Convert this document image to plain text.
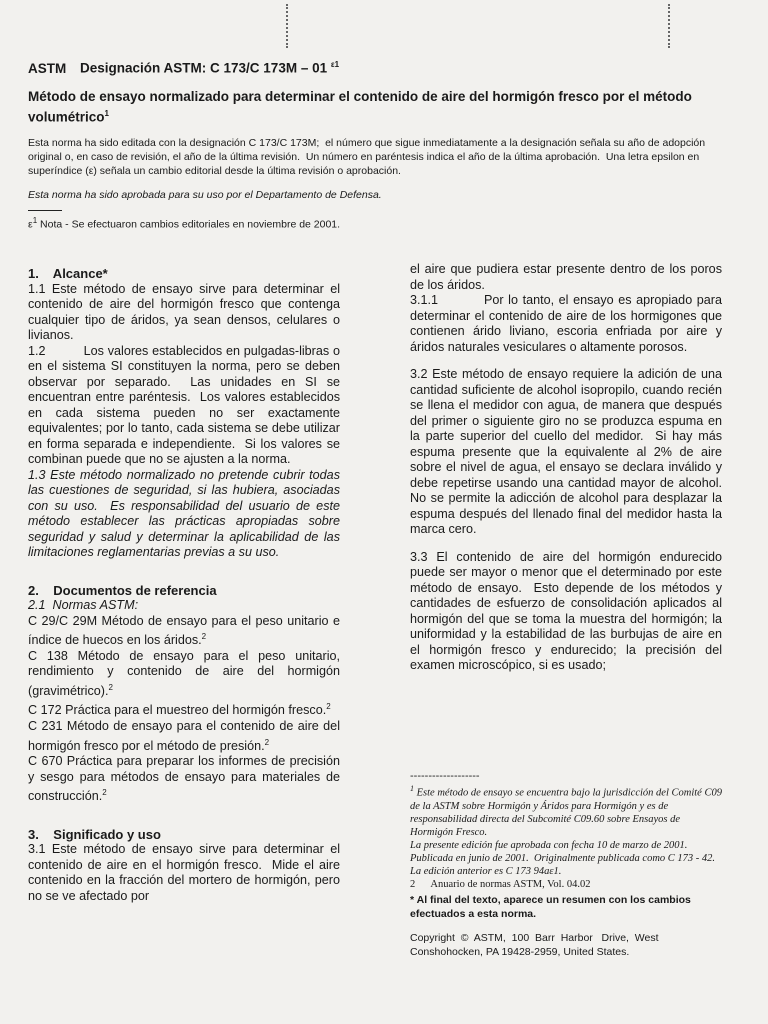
ASTM Designación ASTM: C 173/C 173M – 01 $^{\varepsilon 1}$
Método de ensayo normalizado para determinar el contenido de aire del hormigón fresco por el método volumétrico$^1$
Esta norma ha sido editada con la designación C 173/C 173M;  el número que sigue inmediatamente a la designación señala su año de adopción original o, en caso de revisión, el año de la última revisión.  Un número en paréntesis indica el año de la última aprobación.  Una letra epsilon en superíndice (ε) señala un cambio editorial desde la última revisión o aprobación.
Esta norma ha sido aprobada para su uso por el Departamento de Defensa.
$\varepsilon^1$ Nota - Se efectuaron cambios editoriales en noviembre de 2001.
1.    Alcance*
1.1 Este método de ensayo sirve para determinar el contenido de aire del hormigón fresco que contenga cualquier tipo de áridos, ya sean densos, celulares o livianos.
1.2          Los valores establecidos en pulgadas-libras o en el sistema SI constituyen la norma, pero se deben observar por separado.  Las unidades en SI se encuentran entre paréntesis.  Los valores establecidos en cada sistema pueden no ser exactamente equivalentes; por lo tanto, cada sistema se debe utilizar en forma separada e independiente.  Si los valores se combinan puede que no se ajusten a la norma.
1.3 Este método normalizado no pretende cubrir todas las cuestiones de seguridad, si las hubiera, asociadas con su uso.  Es responsabilidad del usuario de este método establecer las prácticas apropiadas sobre seguridad y salud y determinar la aplicabilidad de las limitaciones reglamentarias previas a su uso.
2.    Documentos de referencia
2.1  Normas ASTM:
C 29/C 29M Método de ensayo para el peso unitario e índice de huecos en los áridos.$^2$
C 138 Método de ensayo para el peso unitario, rendimiento y contenido de aire del hormigón (gravimétrico).$^2$
C 172 Práctica para el muestreo del hormigón fresco.$^2$
C 231 Método de ensayo para el contenido de aire del hormigón fresco por el método de presión.$^2$
C 670 Práctica para preparar los informes de precisión y sesgo para métodos de ensayo para materiales de construcción.$^2$
3.    Significado y uso
3.1 Este método de ensayo sirve para determinar el contenido de aire en el hormigón fresco.  Mide el aire contenido en la fracción del mortero de hormigón, pero no se ve afectado por
el aire que pudiera estar presente dentro de los poros de los áridos.
3.1.1          Por lo tanto, el ensayo es apropiado para determinar el contenido de aire de los hormigones que contienen árido liviano, escoria enfriada por aire y áridos naturales vesiculares o altamente porosos.
3.2 Este método de ensayo requiere la adición de una cantidad suficiente de alcohol isopropilo, cuando recién se llena el medidor con agua, de manera que después del primer o siguiente giro no se produzca espuma en la parte superior del cuello del medidor.  Si hay más espuma presente que la equivalente al 2% de aire sobre el nivel de agua, el ensayo se declara inválido y debe repetirse usando una cantidad mayor de alcohol.  No se permite la adicción de alcohol para desplazar la espuma después del llenado final del medidor hasta la marca cero.
3.3 El contenido de aire del hormigón endurecido puede ser mayor o menor que el determinado por este método de ensayo.  Esto depende de los métodos y cantidades de esfuerzo de consolidación aplicados al hormigón del que se toma la muestra del hormigón; la uniformidad y la estabilidad de las burbujas de aire en el hormigón fresco y endurecido; la precisión del examen microscópico, si es usado;
-------------------
$^1$ Este método de ensayo se encuentra bajo la jurisdicción del Comité C09 de la ASTM sobre Hormigón y Áridos para Hormigón y es de responsabilidad directa del Subcomité C09.60 sobre Ensayos de Hormigón Fresco.
La presente edición fue aprobada con fecha 10 de marzo de 2001. Publicada en junio de 2001.  Originalmente publicada como C 173 - 42.  La edición anterior es C 173 94aε1.
2      Anuario de normas ASTM, Vol. 04.02
* Al final del texto, aparece un resumen con los cambios efectuados a esta norma.
Copyright  ©  ASTM,  100  Barr  Harbor   Drive,  West Conshohocken, PA 19428-2959, United States.
